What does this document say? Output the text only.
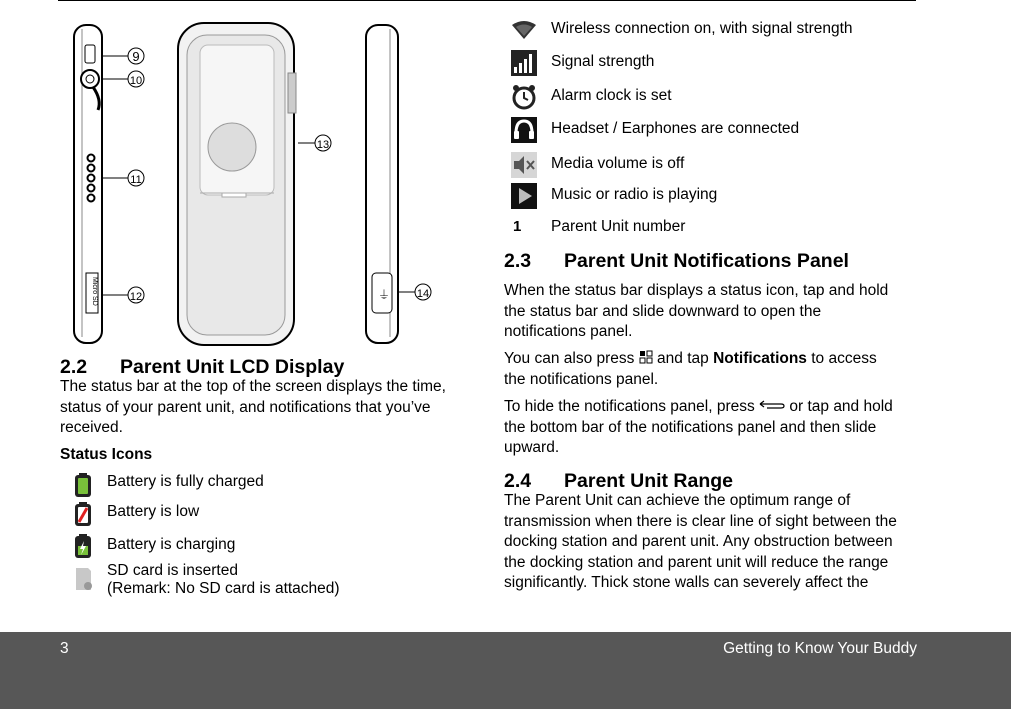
Micro SD	⏚
9
10
11
12
13
14
2.2 Parent Unit LCD Display
The status bar at the top of the screen displays the time,
status of your parent unit, and notifications that you’ve
received.
Status Icons
Battery is fully charged
Battery is low
Battery is charging
SD card is inserted
(Remark: No SD card is attached)
Wireless connection on, with signal strength
Signal strength
Alarm clock is set
Headset / Earphones are connected
Media volume is off
Music or radio is playing
1 Parent Unit number
2.3 Parent Unit Notifications Panel
When the status bar displays a status icon, tap and hold
the status bar and slide downward to open the
notifications panel.
You can also press and tap Notifications to access
the notifications panel.
To hide the notifications panel, press or tap and hold
the bottom bar of the notifications panel and then slide
upward.
2.4 Parent Unit Range
The Parent Unit can achieve the optimum range of
transmission when there is clear line of sight between the
docking station and parent unit. Any obstruction between
the docking station and parent unit will reduce the range
significantly. Thick stone walls can severely affect the
3	Getting to Know Your Buddy
